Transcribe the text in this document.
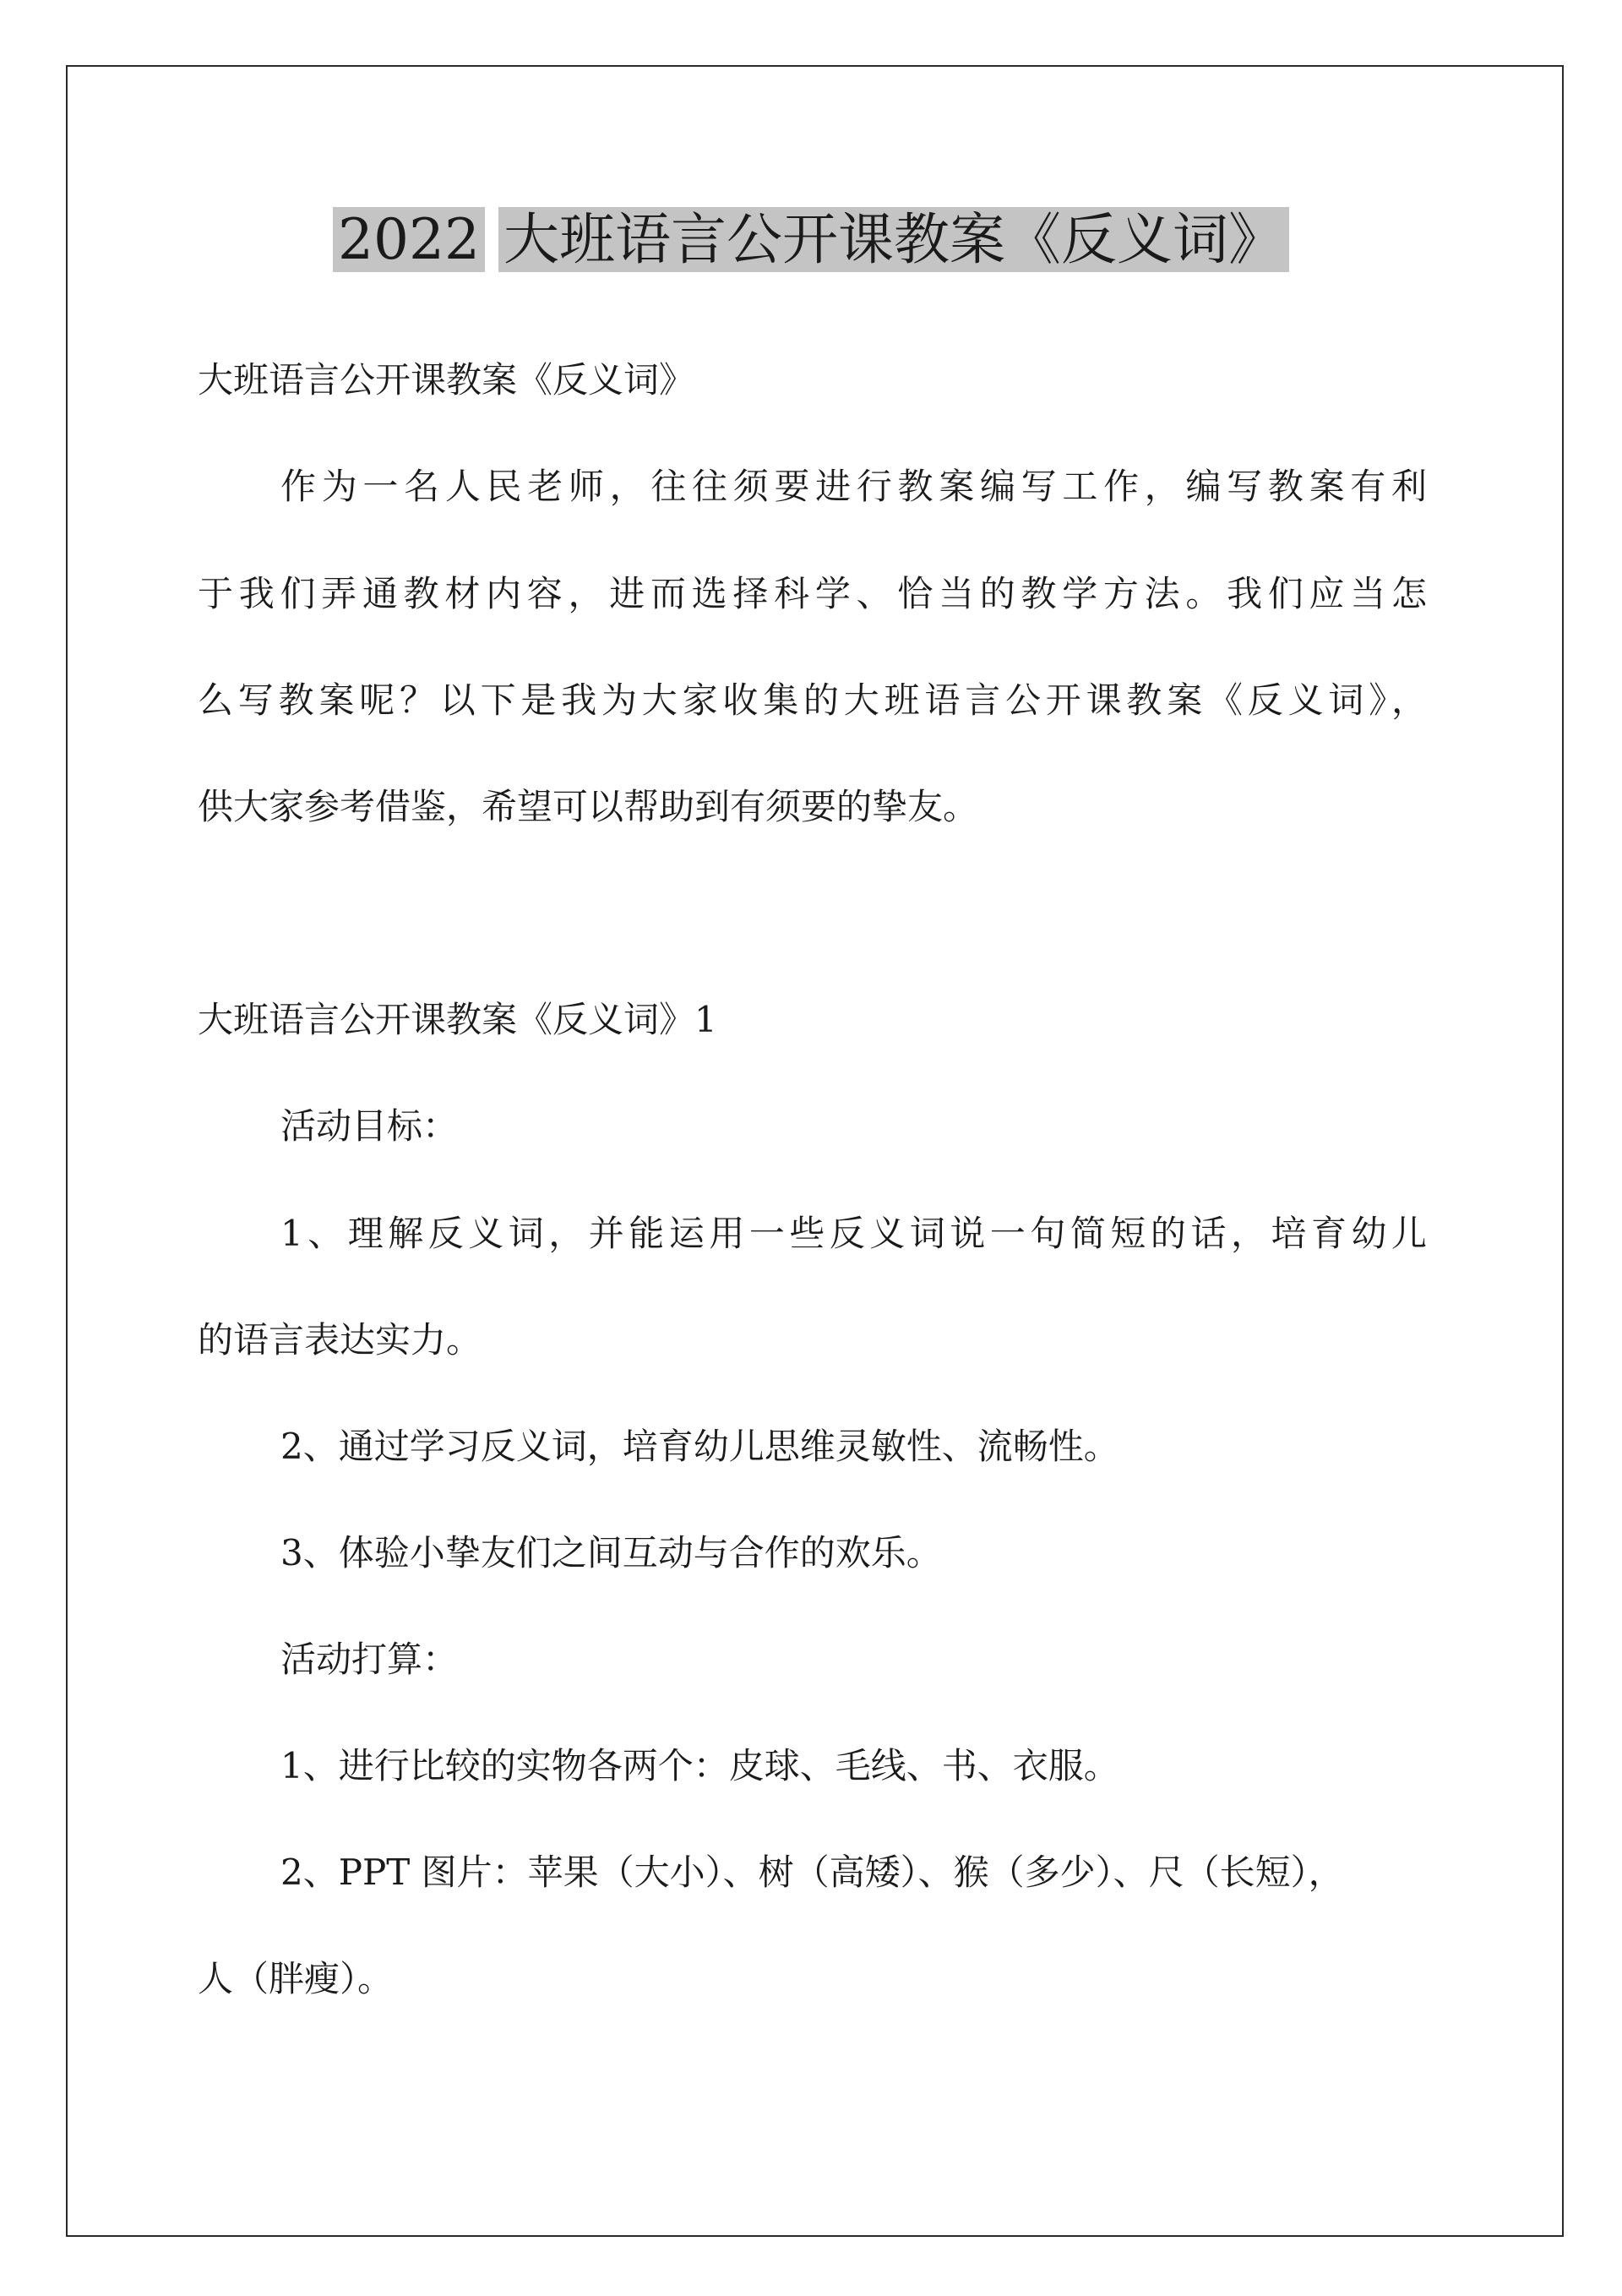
2022 大班语言公开课教案《反义词》
大班语言公开课教案《反义词》
作为一名人民老师，往往须要进行教案编写工作，编写教案有利
于我们弄通教材内容，进而选择科学、恰当的教学方法。我们应当怎
么写教案呢？以下是我为大家收集的大班语言公开课教案《反义词》，
供大家参考借鉴，希望可以帮助到有须要的挚友。
大班语言公开课教案《反义词》1
活动目标：
1、理解反义词，并能运用一些反义词说一句简短的话，培育幼儿
的语言表达实力。
2、通过学习反义词，培育幼儿思维灵敏性、流畅性。
3、体验小挚友们之间互动与合作的欢乐。
活动打算：
1、进行比较的实物各两个：皮球、毛线、书、衣服。
2、PPT 图片：苹果（大小）、树（高矮）、猴（多少）、尺（长短），
人（胖瘦）。
